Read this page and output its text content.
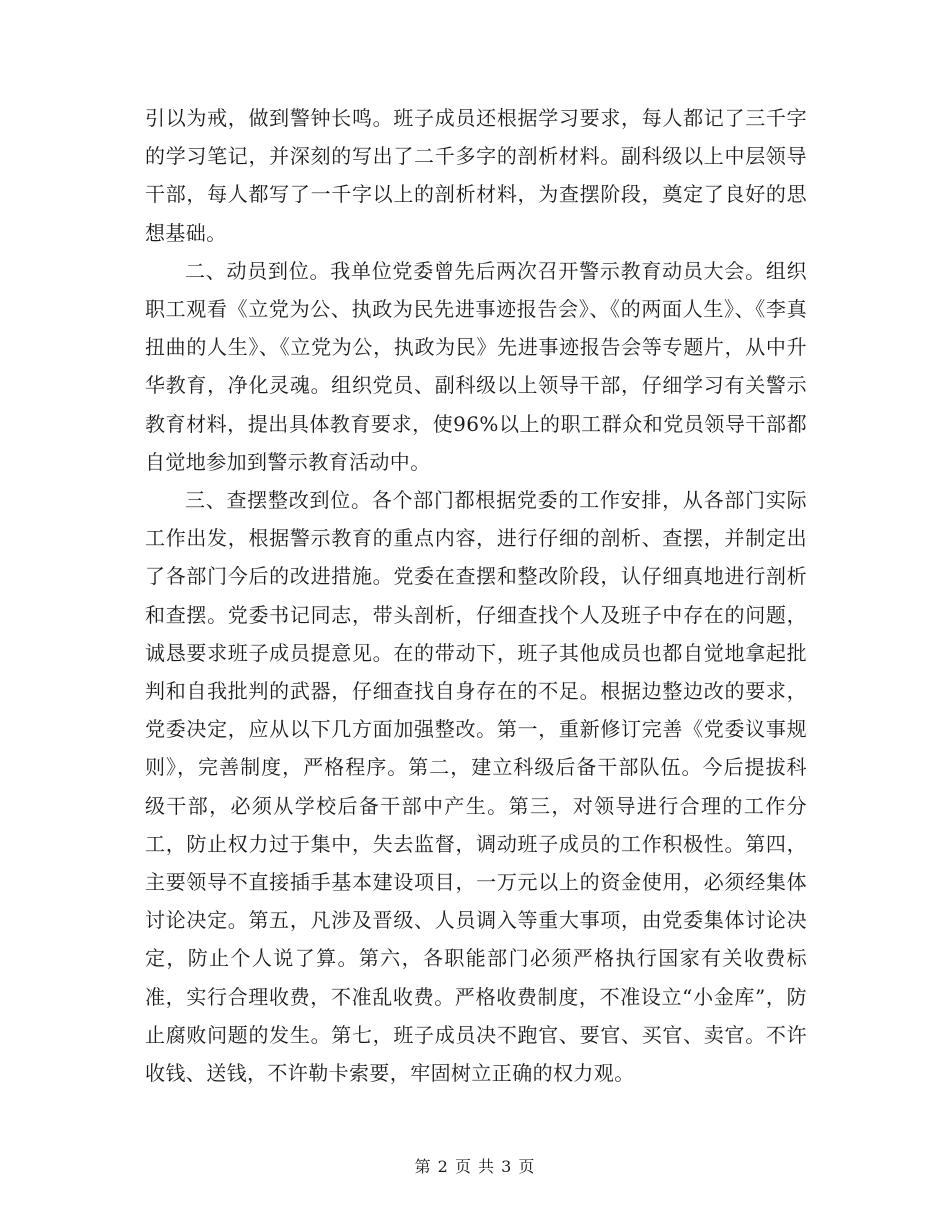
引以为戒，做到警钟长鸣。班子成员还根据学习要求，每人都记了三千字的学习笔记，并深刻的写出了二千多字的剖析材料。副科级以上中层领导干部，每人都写了一千字以上的剖析材料，为查摆阶段，奠定了良好的思想基础。

二、动员到位。我单位党委曾先后两次召开警示教育动员大会。组织职工观看《立党为公、执政为民先进事迹报告会》、《的两面人生》、《李真扭曲的人生》、《立党为公，执政为民》先进事迹报告会等专题片，从中升华教育，净化灵魂。组织党员、副科级以上领导干部，仔细学习有关警示教育材料，提出具体教育要求，使96%以上的职工群众和党员领导干部都自觉地参加到警示教育活动中。

三、查摆整改到位。各个部门都根据党委的工作安排，从各部门实际工作出发，根据警示教育的重点内容，进行仔细的剖析、查摆，并制定出了各部门今后的改进措施。党委在查摆和整改阶段，认仔细真地进行剖析和查摆。党委书记同志，带头剖析，仔细查找个人及班子中存在的问题，诚恳要求班子成员提意见。在的带动下，班子其他成员也都自觉地拿起批判和自我批判的武器，仔细查找自身存在的不足。根据边整边改的要求，党委决定，应从以下几方面加强整改。第一，重新修订完善《党委议事规则》，完善制度，严格程序。第二，建立科级后备干部队伍。今后提拔科级干部，必须从学校后备干部中产生。第三，对领导进行合理的工作分工，防止权力过于集中，失去监督，调动班子成员的工作积极性。第四，主要领导不直接插手基本建设项目，一万元以上的资金使用，必须经集体讨论决定。第五，凡涉及晋级、人员调入等重大事项，由党委集体讨论决定，防止个人说了算。第六，各职能部门必须严格执行国家有关收费标准，实行合理收费，不准乱收费。严格收费制度，不准设立“小金库”，防止腐败问题的发生。第七，班子成员决不跑官、要官、买官、卖官。不许收钱、送钱，不许勒卡索要，牢固树立正确的权力观。

第 2 页 共 3 页
